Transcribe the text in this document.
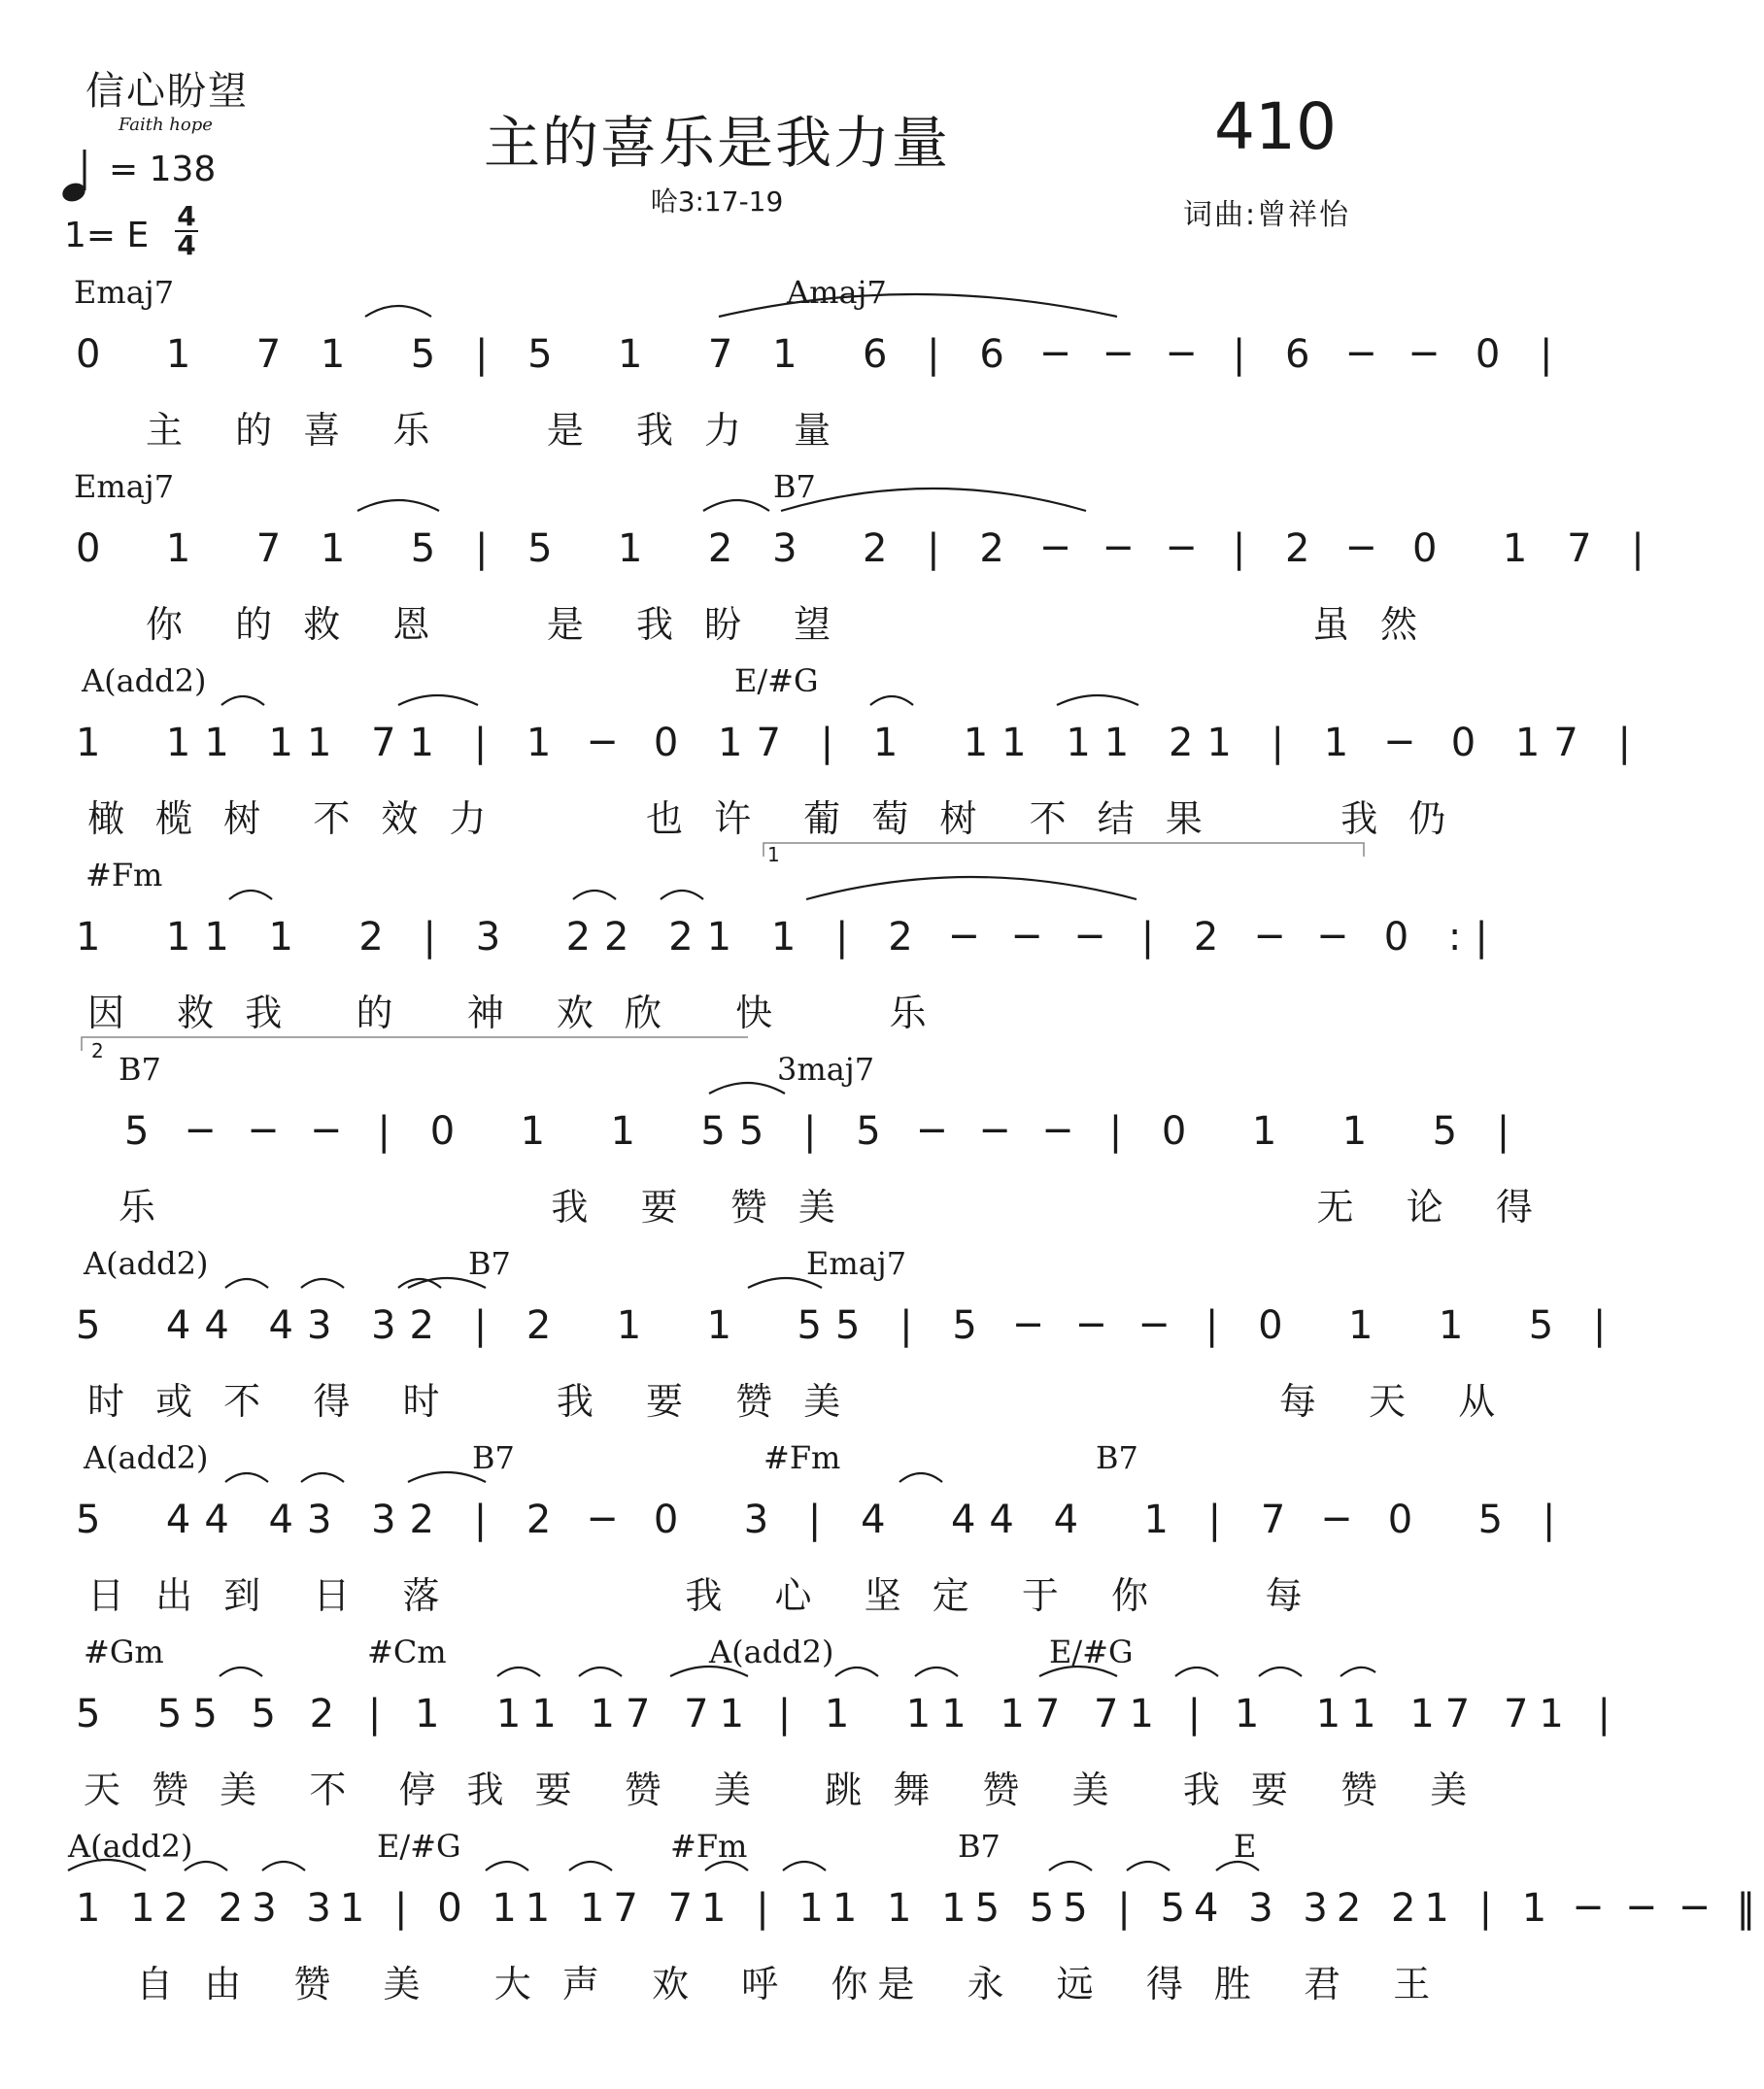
信心盼望
Faith hope	主的喜乐是我力量	410
哈3:17-19	词曲:曾祥怡
= 138
1= E 4
4
Emaj7	Amaj7
0  1  7 1  5 | 5  1  7 1  6 | 6 ─ ─ ─ | 6 ─ ─ 0 |
主  的 喜  乐     是  我 力  量
Emaj7	B7
0  1  7 1  5 | 5  1  2 3  2 | 2 ─ ─ ─ | 2 ─ 0  1 7 |
你  的 救  恩     是  我 盼  望                      虽 然
A(add2)	E/#G
1  11 11 71 | 1 ─ 0 17 | 1  11 11 21 | 1 ─ 0 17 |
橄 榄 树  不 效 力       也 许  葡 萄 树  不 结 果      我 仍
#Fm
1
1  11 1  2 | 3  22 21 1 | 2 ─ ─ ─ | 2 ─ ─ 0 :|
因  救 我   的   神  欢 欣   快     乐
2 B7	3maj7
5 ─ ─ ─ | 0  1  1  55 | 5 ─ ─ ─ | 0  1  1  5 |
乐                  我  要  赞 美                      无  论  得
A(add2)	B7	Emaj7
5  44 43 32 | 2  1  1  55 | 5 ─ ─ ─ | 0  1  1  5 |
时 或 不  得  时     我  要  赞 美                    每  天  从
A(add2)	B7	#Fm	B7
5  44 43 32 | 2 ─ 0  3 | 4  44 4  1 | 7 ─ 0  5 |
日 出 到  日  落           我  心  坚 定  于  你     每
#Gm	#Cm	A(add2)	E/#G
5  55 5 2 | 1  11 17 71 | 1  11 17 71 | 1  11 17 71 |
天 赞 美  不  停 我 要  赞  美   跳 舞  赞  美   我 要  赞  美
A(add2)	E/#G	#Fm	B7	E
1 12 23 31 | 0 11 17 71 | 11 1 15 55 | 54 3 32 21 | 1 ─ ─ ─ ‖
自 由  赞  美   大 声  欢  呼  你是  永  远  得 胜  君  王
